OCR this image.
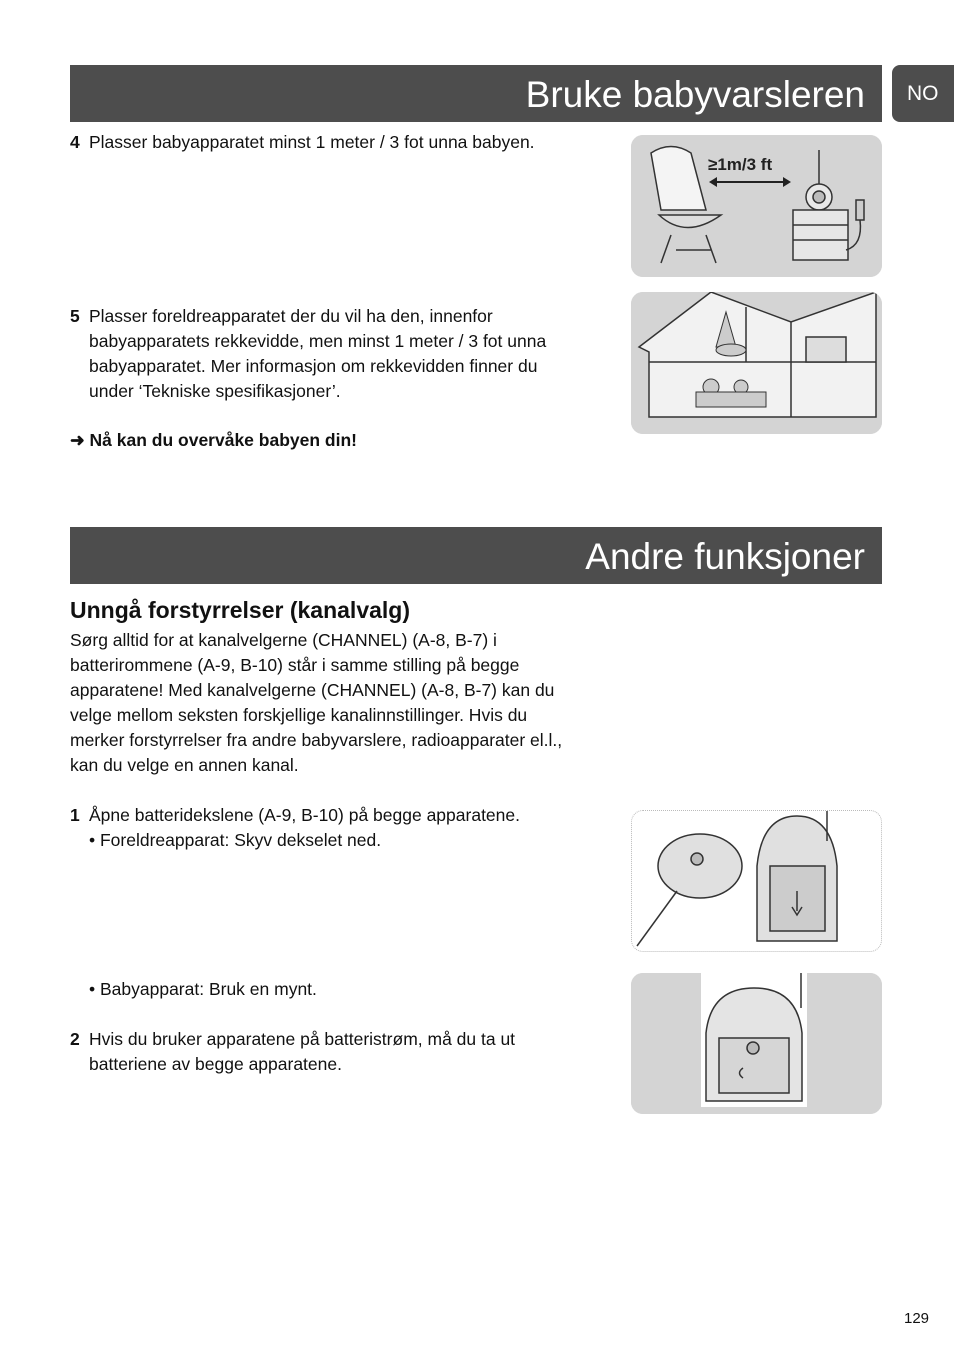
Bruke babyvarsleren	NO
4 Plasser babyapparatet minst 1 meter / 3 fot unna babyen.
≥1m/3 ft
5 Plasser foreldreapparatet der du vil ha den, innenfor
babyapparatets rekkevidde, men minst 1 meter / 3 fot unna
babyapparatet. Mer informasjon om rekkevidden finner du
under ‘Tekniske spesifikasjoner’.
➜ Nå kan du overvåke babyen din!
Andre funksjoner
Unngå forstyrrelser (kanalvalg)
Sørg alltid for at kanalvelgerne (CHANNEL) (A-8, B-7) i
batterirommene (A-9, B-10) står i samme stilling på begge
apparatene! Med kanalvelgerne (CHANNEL) (A-8, B-7) kan du
velge mellom seksten forskjellige kanalinnstillinger. Hvis du
merker forstyrrelser fra andre babyvarslere, radioapparater el.l.,
kan du velge en annen kanal.
1 Åpne batteridekslene (A-9, B-10) på begge apparatene.
• Foreldreapparat: Skyv dekselet ned.
• Babyapparat: Bruk en mynt.
2 Hvis du bruker apparatene på batteristrøm, må du ta ut
batteriene av begge apparatene.
129
